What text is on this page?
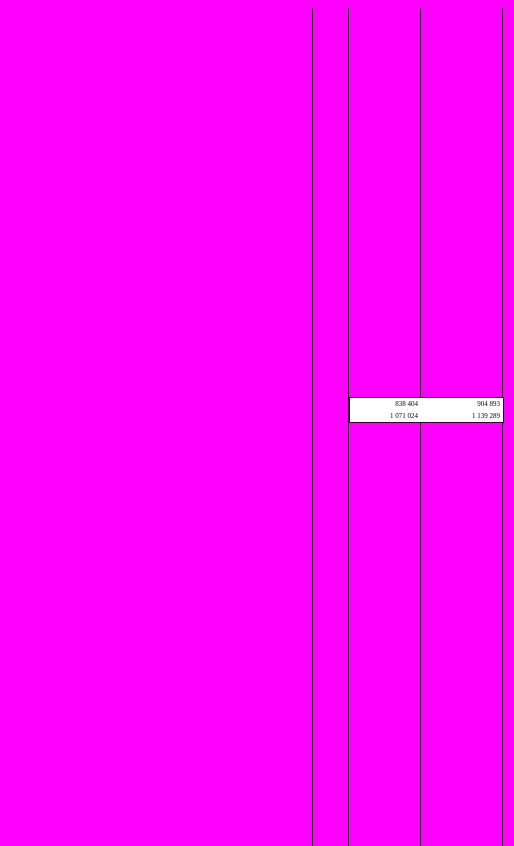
838 404	904 893
1 071 024	1 139 289
